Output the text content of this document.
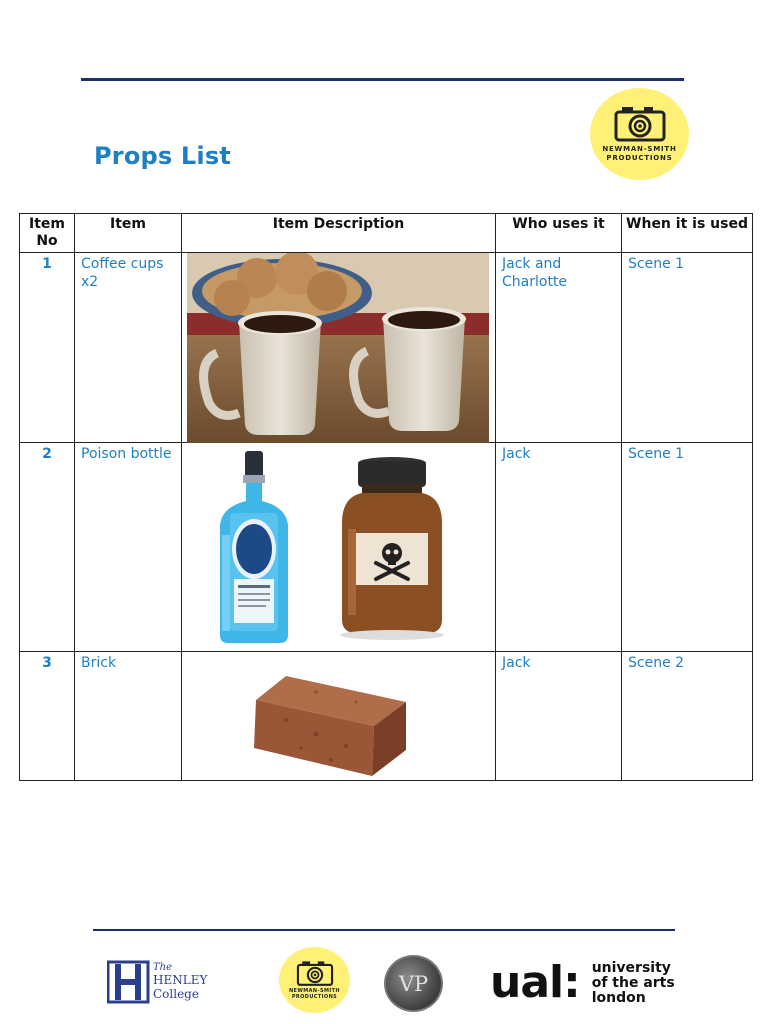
Props List	NEWMAN-SMITH
PRODUCTIONS
Item No	Item	Item Description	Who uses it	When it is used
1	Coffee cups x2		Jack and Charlotte	Scene 1
2	Poison bottle		Jack	Scene 1
3	Brick		Jack	Scene 2
The
HENLEY
College	NEWMAN-SMITH
PRODUCTIONS
VP	ual: university
of the arts
london
